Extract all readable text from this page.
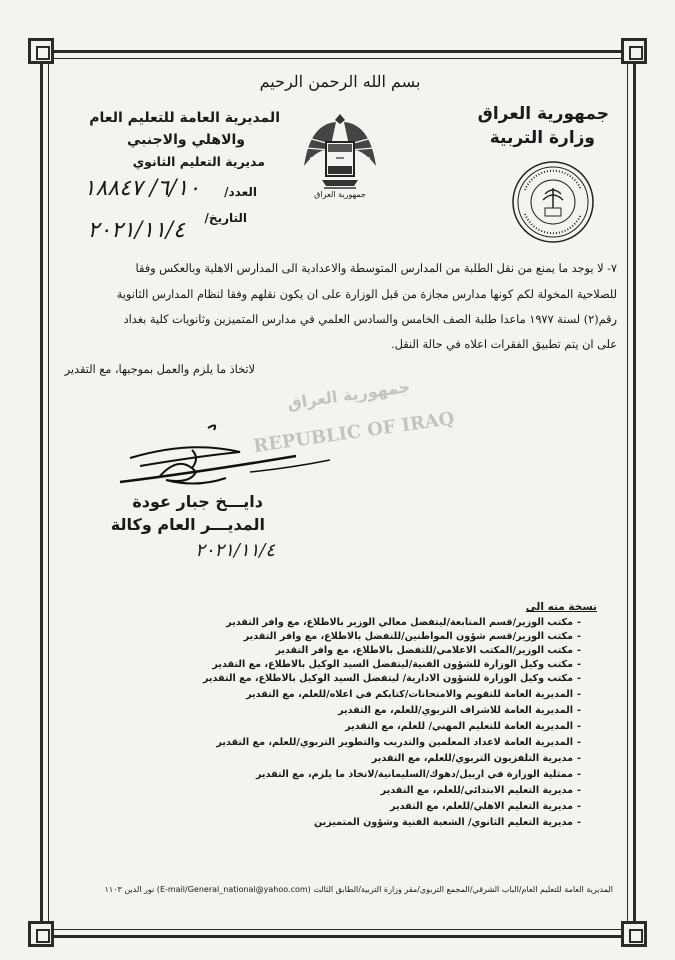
بسم الله الرحمن الرحيم
جمهورية العراق
وزارة التربية
المديرية العامة للتعليم العام
والاهلي والاجنبي
مديرية التعليم الثانوي
جمهورية العراق
العدد/
٦/١٠/ ١٨٨٤٧
التاريخ/
٢٠٢١/١١/٤
جمهورية العراق
REPUBLIC OF IRAQ
٧- لا يوجد ما يمنع من نقل الطلبة من المدارس المتوسطة والاعدادية الى المدارس الاهلية وبالعكس وفقا
للصلاحية المخولة لكم كونها مدارس مجازة من قبل الوزارة على ان يكون نقلهم وفقا لنظام المدارس الثانوية
رقم(٢) لسنة ١٩٧٧ ماعدا طلبة الصف الخامس والسادس العلمي في مدارس المتميزين وثانويات كلية بغداد
على ان يتم تطبيق الفقرات اعلاه في حالة النقل.
لاتخاذ ما يلزم والعمل بموجبها، مع التقدير
دايـــخ جبار عودة
المديـــر العام وكالة
٢٠٢١/١١/٤
نسخة منه الى
-مكتب الوزير/قسم المتابعة/ليتفضل معالي الوزير بالاطلاع، مع وافر التقدير
-مكتب الوزير/قسم شؤون المواطنين/للتفضل بالاطلاع، مع وافر التقدير
-مكتب الوزير/المكتب الاعلامي/للتفضل بالاطلاع، مع وافر التقدير
-مكتب وكيل الوزارة للشؤون الفنية/ليتفضل السيد الوكيل بالاطلاع، مع التقدير
-مكتب وكيل الوزارة للشؤون الادارية/ ليتفضل السيد الوكيل بالاطلاع، مع التقدير
-المديرية العامة للتقويم والامتحانات/كتابكم في اعلاه/للعلم، مع التقدير
-المديرية العامة للاشراف التربوي/للعلم، مع التقدير
-المديرية العامة للتعليم المهني/ للعلم، مع التقدير
-المديرية العامة لاعداد المعلمين والتدريب والتطوير التربوي/للعلم، مع التقدير
-مديرية التلفزيون التربوي/للعلم، مع التقدير
-ممثلية الوزارة في اربيل/دهوك/السليمانية/لاتخاذ ما يلزم، مع التقدير
-مديرية التعليم الابتدائي/للعلم، مع التقدير
-مديرية التعليم الاهلي/للعلم، مع التقدير
-مديرية التعليم الثانوي/ الشعبة الفنية وشؤون المتميزين
المديرية العامة للتعليم العام/الباب الشرقي/المجمع التربوي/مقر وزارة التربية/الطابق الثالث (E-mail/General_national@yahoo.com) نور الدين ١١٠٣
